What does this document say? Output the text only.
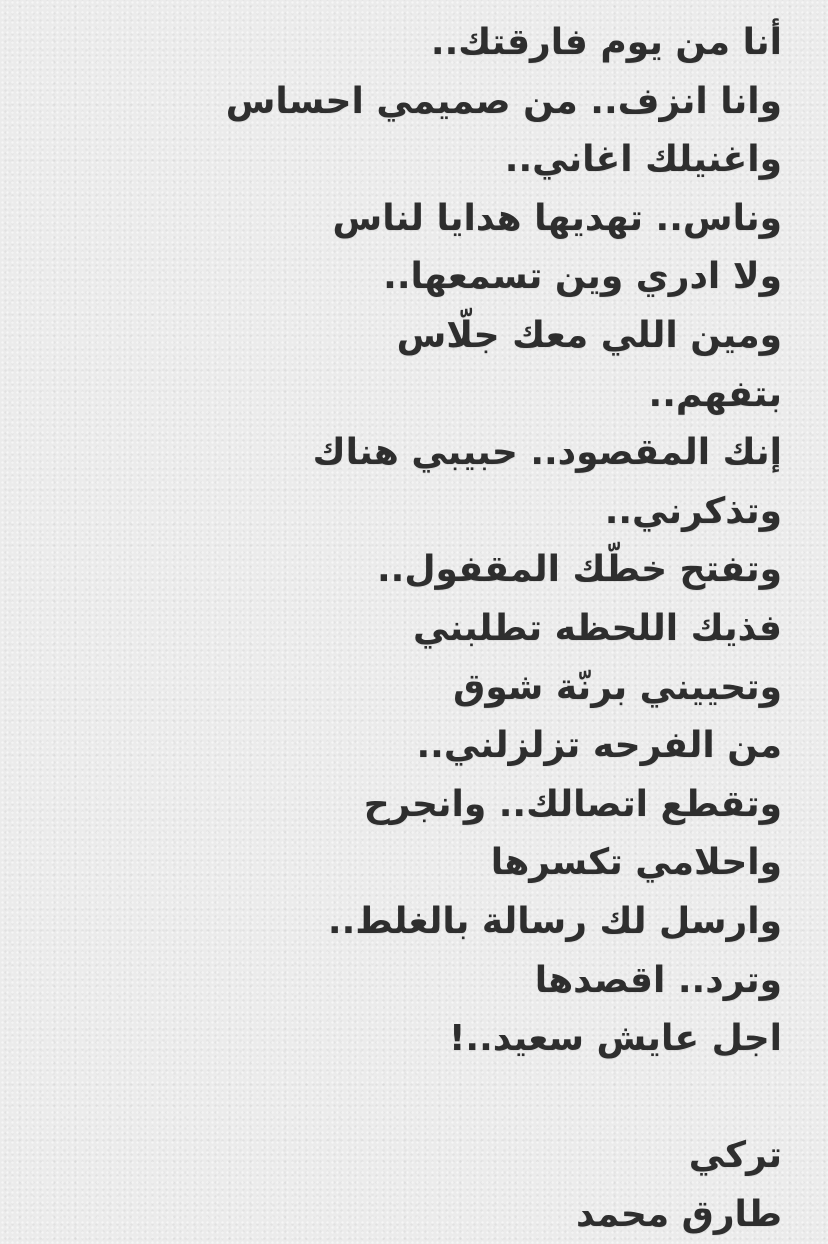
أنا من يوم فارقتك..
وانا انزف.. من صميمي احساس
واغنيلك اغاني..
وناس.. تهديها هدايا لناس
ولا ادري وين تسمعها..
ومين اللي معك جلّاس
بتفهم..
إنك المقصود.. حبيبي هناك
وتذكرني..
وتفتح خطّك المقفول..
فذيك اللحظه تطلبني
وتحييني برنّة شوق
من الفرحه تزلزلني..
وتقطع اتصالك.. وانجرح
واحلامي تكسرها
وارسل لك رسالة بالغلط..
وترد.. اقصدها
اجل عايش سعيد..!
تركي
طارق محمد
